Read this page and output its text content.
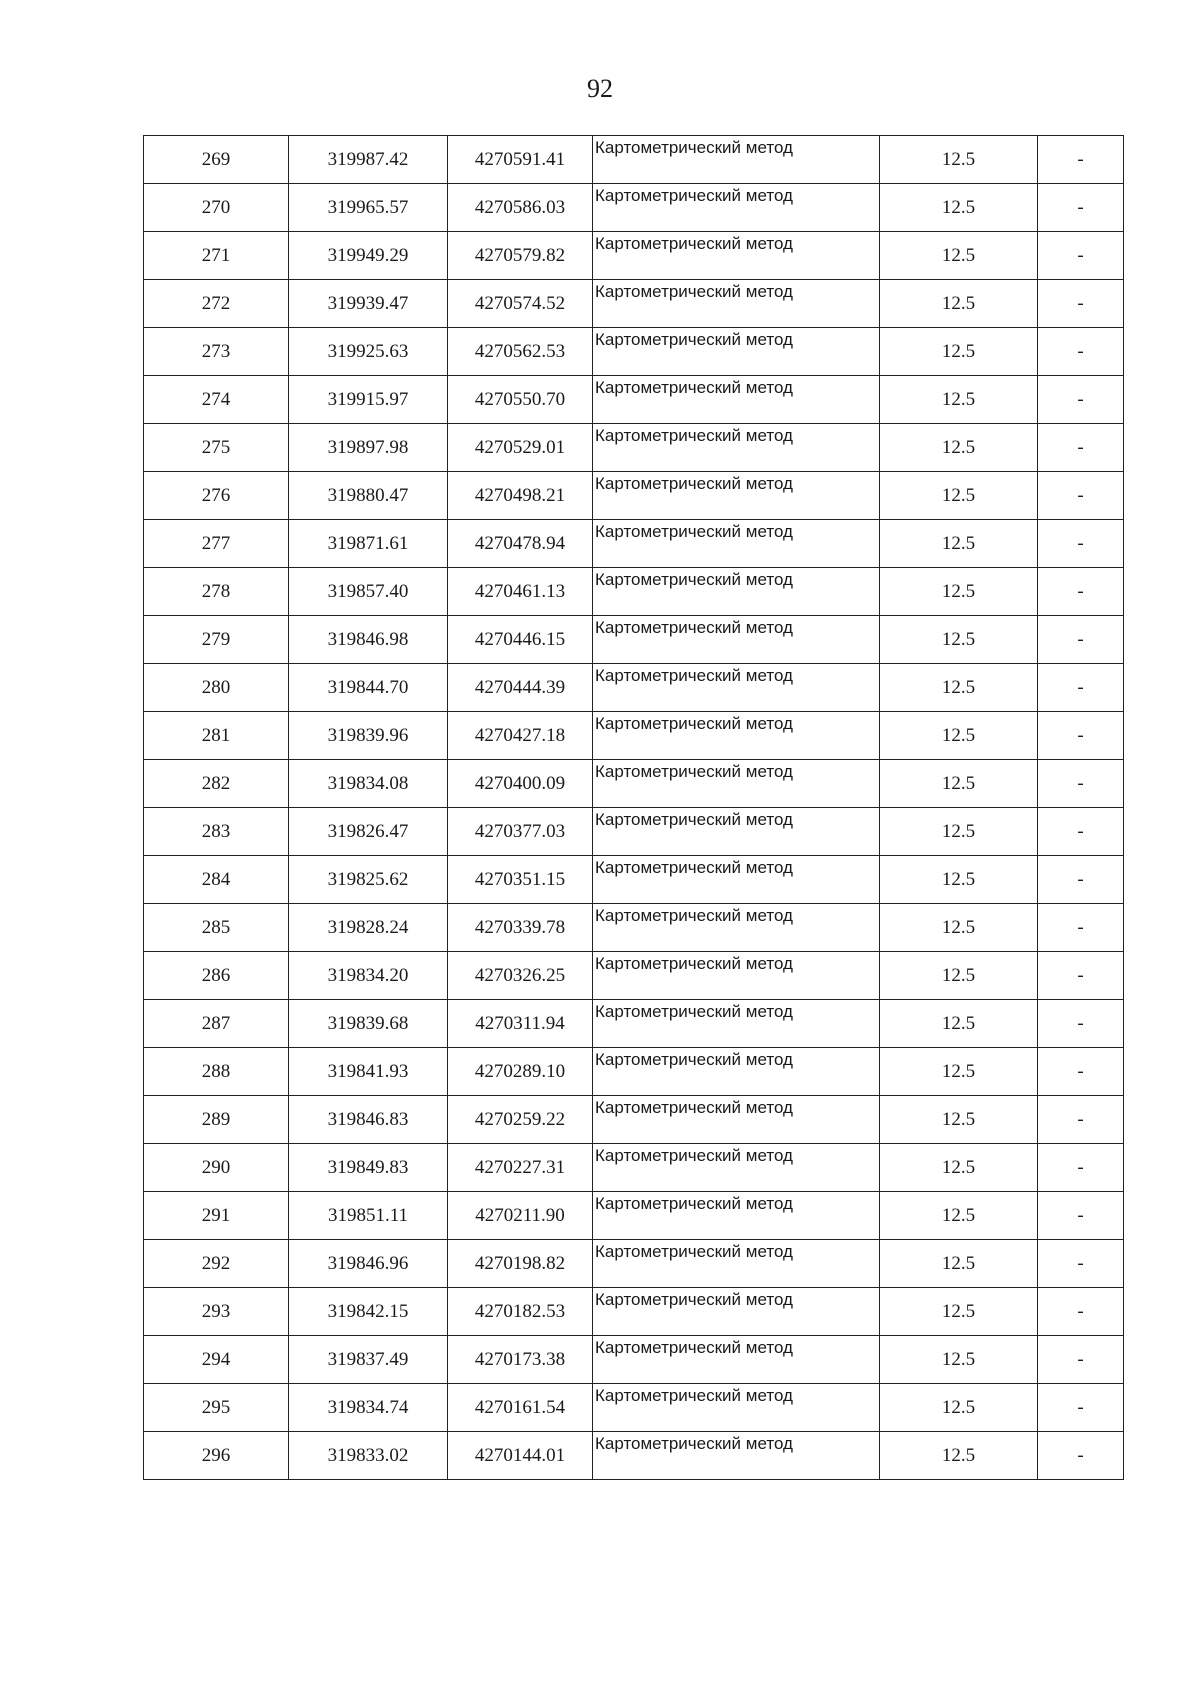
92
269	319987.42	4270591.41	Картометрический метод	12.5	-
270	319965.57	4270586.03	Картометрический метод	12.5	-
271	319949.29	4270579.82	Картометрический метод	12.5	-
272	319939.47	4270574.52	Картометрический метод	12.5	-
273	319925.63	4270562.53	Картометрический метод	12.5	-
274	319915.97	4270550.70	Картометрический метод	12.5	-
275	319897.98	4270529.01	Картометрический метод	12.5	-
276	319880.47	4270498.21	Картометрический метод	12.5	-
277	319871.61	4270478.94	Картометрический метод	12.5	-
278	319857.40	4270461.13	Картометрический метод	12.5	-
279	319846.98	4270446.15	Картометрический метод	12.5	-
280	319844.70	4270444.39	Картометрический метод	12.5	-
281	319839.96	4270427.18	Картометрический метод	12.5	-
282	319834.08	4270400.09	Картометрический метод	12.5	-
283	319826.47	4270377.03	Картометрический метод	12.5	-
284	319825.62	4270351.15	Картометрический метод	12.5	-
285	319828.24	4270339.78	Картометрический метод	12.5	-
286	319834.20	4270326.25	Картометрический метод	12.5	-
287	319839.68	4270311.94	Картометрический метод	12.5	-
288	319841.93	4270289.10	Картометрический метод	12.5	-
289	319846.83	4270259.22	Картометрический метод	12.5	-
290	319849.83	4270227.31	Картометрический метод	12.5	-
291	319851.11	4270211.90	Картометрический метод	12.5	-
292	319846.96	4270198.82	Картометрический метод	12.5	-
293	319842.15	4270182.53	Картометрический метод	12.5	-
294	319837.49	4270173.38	Картометрический метод	12.5	-
295	319834.74	4270161.54	Картометрический метод	12.5	-
296	319833.02	4270144.01	Картометрический метод	12.5	-
